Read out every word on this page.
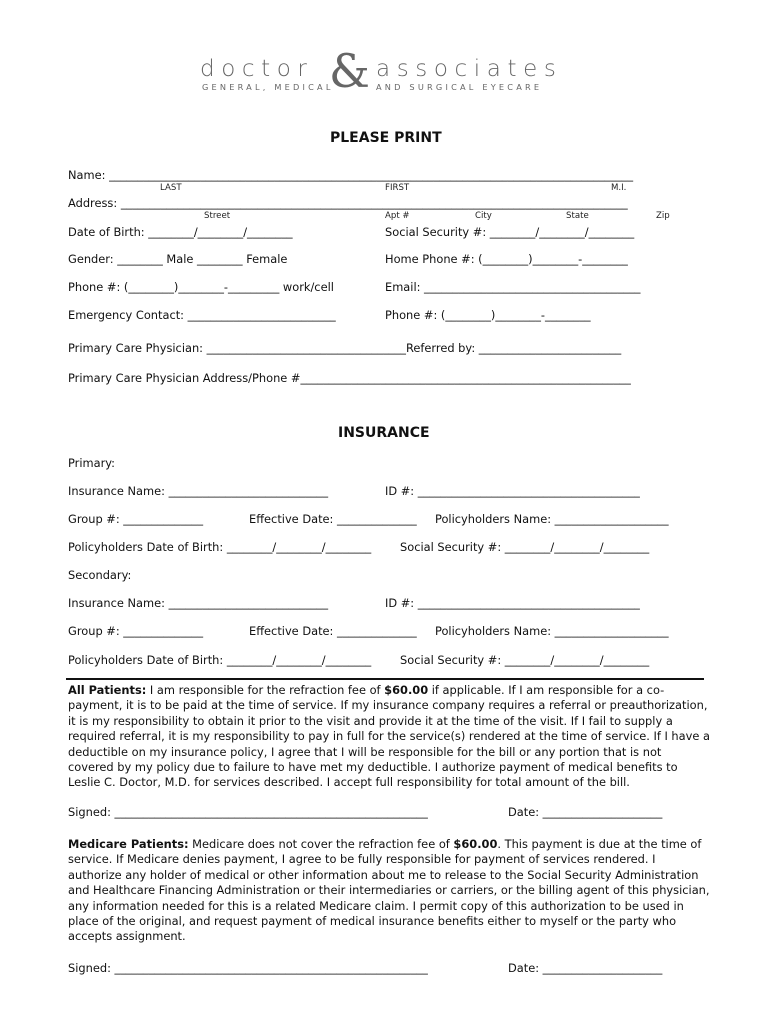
doctor & associates
GENERAL, MEDICAL	AND SURGICAL EYECARE
PLEASE PRINT
Name: ____________________________________________________________________________________________
LAST	FIRST	M.I.
Address: _________________________________________________________________________________________
Street	Apt #	City	State	Zip
Date of Birth: ________/________/________	Social Security #: ________/________/________
Gender: ________ Male ________ Female	Home Phone #: (________)________-________
Phone #: (________)________-_________ work/cell	Email: ______________________________________
Emergency Contact: __________________________	Phone #: (________)________-________
Primary Care Physician: ___________________________________Referred by: _________________________
Primary Care Physician Address/Phone #__________________________________________________________
INSURANCE
Primary:
Insurance Name: ____________________________	ID #: _______________________________________
Group #: ______________	Effective Date: ______________ Policyholders Name: ____________________
Policyholders Date of Birth: ________/________/________	Social Security #: ________/________/________
Secondary:
Insurance Name: ____________________________	ID #: _______________________________________
Group #: ______________	Effective Date: ______________ Policyholders Name: ____________________
Policyholders Date of Birth: ________/________/________	Social Security #: ________/________/________
All Patients: I am responsible for the refraction fee of $60.00 if applicable. If I am responsible for a co-payment, it is to be paid at the time of service. If my insurance company requires a referral or preauthorization, it is my responsibility to obtain it prior to the visit and provide it at the time of the visit. If I fail to supply a required referral, it is my responsibility to pay in full for the service(s) rendered at the time of service. If I have a deductible on my insurance policy, I agree that I will be responsible for the bill or any portion that is not covered by my policy due to failure to have met my deductible. I authorize payment of medical benefits to Leslie C. Doctor, M.D. for services described. I accept full responsibility for total amount of the bill.
Signed: _______________________________________________________	Date: _____________________
Medicare Patients: Medicare does not cover the refraction fee of $60.00. This payment is due at the time of service. If Medicare denies payment, I agree to be fully responsible for payment of services rendered. I authorize any holder of medical or other information about me to release to the Social Security Administration and Healthcare Financing Administration or their intermediaries or carriers, or the billing agent of this physician, any information needed for this is a related Medicare claim. I permit copy of this authorization to be used in place of the original, and request payment of medical insurance benefits either to myself or the party who accepts assignment.
Signed: _______________________________________________________	Date: _____________________
